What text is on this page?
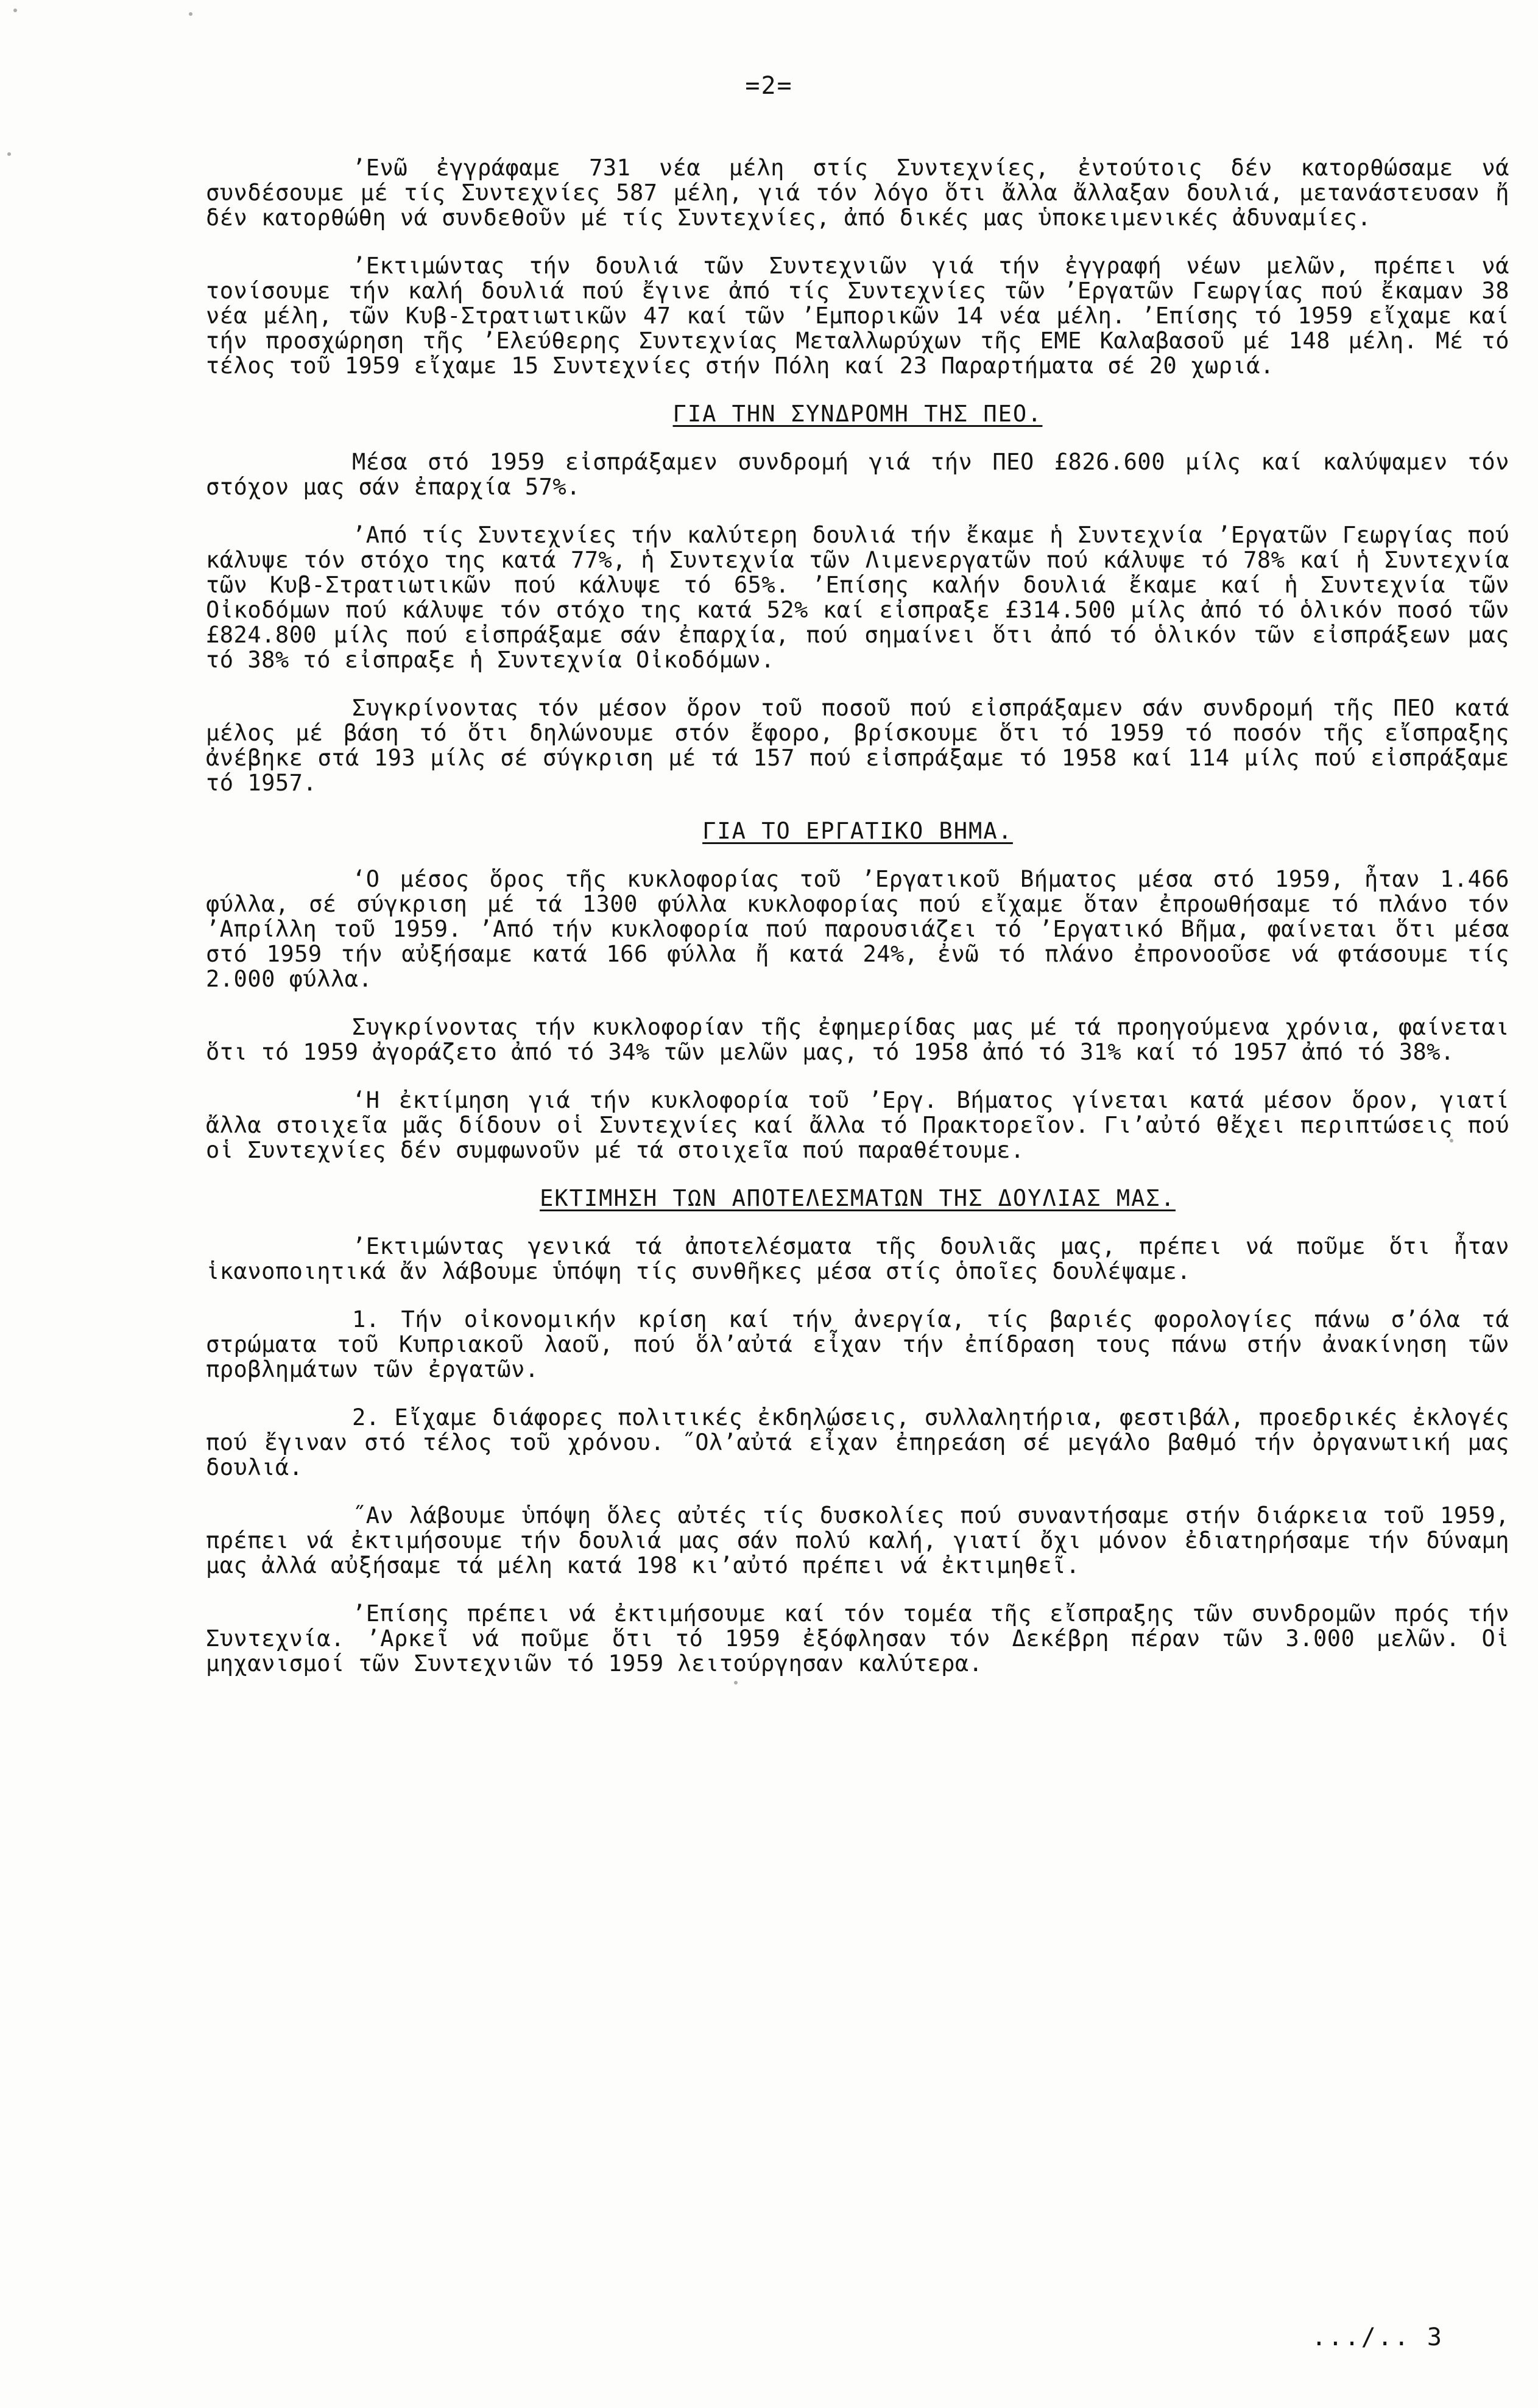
=2=

’Ενῶ ἐγγράφαμε 731 νέα μέλη στίς Συντεχνίες, ἐντούτοις δέν κατορθώσαμε νά συνδέσουμε μέ τίς Συντεχνίες 587 μέλη, γιά τόν λόγο ὅτι ἄλλα ἄλλαξαν δουλιά, μετανάστευσαν ἤ δέν κατορθώθη νά συνδεθοῦν μέ τίς Συντεχνίες, ἀπό δικές μας ὑποκειμενικές ἀδυναμίες.

’Εκτιμώντας τήν δουλιά τῶν Συντεχνιῶν γιά τήν ἐγγραφή νέων μελῶν, πρέπει νά τονίσουμε τήν καλή δουλιά πού ἔγινε ἀπό τίς Συντεχνίες τῶν ’Εργατῶν Γεωργίας πού ἔκαμαν 38 νέα μέλη, τῶν Κυβ-Στρατιωτικῶν 47 καί τῶν ’Εμπορικῶν 14 νέα μέλη. ’Επίσης τό 1959 εἴχαμε καί τήν προσχώρηση τῆς ’Ελεύθερης Συντεχνίας Μεταλλωρύχων τῆς ΕΜΕ Καλαβασοῦ μέ 148 μέλη. Μέ τό τέλος τοῦ 1959 εἴχαμε 15 Συντεχνίες στήν Πόλη καί 23 Παραρτήματα σέ 20 χωριά.

ΓΙΑ ΤΗΝ ΣΥΝΔΡΟΜΗ ΤΗΣ ΠΕΟ.

Μέσα στό 1959 εἰσπράξαμεν συνδρομή γιά τήν ΠΕΟ £826.600 μίλς καί καλύψαμεν τόν στόχον μας σάν ἐπαρχία 57%.

’Από τίς Συντεχνίες τήν καλύτερη δουλιά τήν ἔκαμε ἡ Συντεχνία ’Εργατῶν Γεωργίας πού κάλυψε τόν στόχο της κατά 77%, ἡ Συντεχνία τῶν Λιμενεργατῶν πού κάλυψε τό 78% καί ἡ Συντεχνία τῶν Κυβ-Στρατιωτικῶν πού κάλυψε τό 65%. ’Επίσης καλήν δουλιά ἔκαμε καί ἡ Συντεχνία τῶν Οἰκοδόμων πού κάλυψε τόν στόχο της κατά 52% καί εἰσπραξε £314.500 μίλς ἀπό τό ὁλικόν ποσό τῶν £824.800 μίλς πού εἰσπράξαμε σάν ἐπαρχία, πού σημαίνει ὅτι ἀπό τό ὁλικόν τῶν εἰσπράξεων μας τό 38% τό εἰσπραξε ἡ Συντεχνία Οἰκοδόμων.

Συγκρίνοντας τόν μέσον ὅρον τοῦ ποσοῦ πού εἰσπράξαμεν σάν συνδρομή τῆς ΠΕΟ κατά μέλος μέ βάση τό ὅτι δηλώνουμε στόν ἔφορο, βρίσκουμε ὅτι τό 1959 τό ποσόν τῆς εἴσπραξης ἀνέβηκε στά 193 μίλς σέ σύγκριση μέ τά 157 πού εἰσπράξαμε τό 1958 καί 114 μίλς πού εἰσπράξαμε τό 1957.

ΓΙΑ ΤΟ ΕΡΓΑΤΙΚΟ ΒΗΜΑ.

‘Ο μέσος ὅρος τῆς κυκλοφορίας τοῦ ’Εργατικοῦ Βήματος μέσα στό 1959, ἦταν 1.466 φύλλα, σέ σύγκριση μέ τά 1300 φύλλα κυκλοφορίας πού εἴχαμε ὅταν ἐπροωθήσαμε τό πλάνο τόν ’Απρίλλη τοῦ 1959. ’Από τήν κυκλοφορία πού παρουσιάζει τό ’Εργατικό Βῆμα, φαίνεται ὅτι μέσα στό 1959 τήν αὐξήσαμε κατά 166 φύλλα ἤ κατά 24%, ἐνῶ τό πλάνο ἐπρονοοῦσε νά φτάσουμε τίς 2.000 φύλλα.

Συγκρίνοντας τήν κυκλοφορίαν τῆς ἐφημερίδας μας μέ τά προηγούμενα χρόνια, φαίνεται ὅτι τό 1959 ἀγοράζετο ἀπό τό 34% τῶν μελῶν μας, τό 1958 ἀπό τό 31% καί τό 1957 ἀπό τό 38%.

‘Η ἐκτίμηση γιά τήν κυκλοφορία τοῦ ’Εργ. Βήματος γίνεται κατά μέσον ὅρον, γιατί ἄλλα στοιχεῖα μᾶς δίδουν οἱ Συντεχνίες καί ἄλλα τό Πρακτορεῖον. Γι’αὐτό θἔχει περιπτώσεις πού οἱ Συντεχνίες δέν συμφωνοῦν μέ τά στοιχεῖα πού παραθέτουμε.

ΕΚΤΙΜΗΣΗ ΤΩΝ ΑΠΟΤΕΛΕΣΜΑΤΩΝ ΤΗΣ ΔΟΥΛΙΑΣ ΜΑΣ.

’Εκτιμώντας γενικά τά ἀποτελέσματα τῆς δουλιᾶς μας, πρέπει νά ποῦμε ὅτι ἦταν ἱκανοποιητικά ἄν λάβουμε ὑπόψη τίς συνθῆκες μέσα στίς ὁποῖες δουλέψαμε.

1. Τήν οἰκονομικήν κρίση καί τήν ἀνεργία, τίς βαριές φορολογίες πάνω σ’όλα τά στρώματα τοῦ Κυπριακοῦ λαοῦ, πού ὅλ’αὐτά εἶχαν τήν ἐπίδραση τους πάνω στήν ἀνακίνηση τῶν προβλημάτων τῶν ἐργατῶν.

2. Εἴχαμε διάφορες πολιτικές ἐκδηλώσεις, συλλαλητήρια, φεστιβάλ, προεδρικές ἐκλογές πού ἔγιναν στό τέλος τοῦ χρόνου. ˝Ολ’αὐτά εἶχαν ἐπηρεάση σέ μεγάλο βαθμό τήν ὀργανωτική μας δουλιά.

˝Αν λάβουμε ὑπόψη ὅλες αὐτές τίς δυσκολίες πού συναντήσαμε στήν διάρκεια τοῦ 1959, πρέπει νά ἐκτιμήσουμε τήν δουλιά μας σάν πολύ καλή, γιατί ὄχι μόνον ἐδιατηρήσαμε τήν δύναμη μας ἀλλά αὐξήσαμε τά μέλη κατά 198 κι’αὐτό πρέπει νά ἐκτιμηθεῖ.

’Επίσης πρέπει νά ἐκτιμήσουμε καί τόν τομέα τῆς εἴσπραξης τῶν συνδρομῶν πρός τήν Συντεχνία. ’Αρκεῖ νά ποῦμε ὅτι τό 1959 ἐξόφλησαν τόν Δεκέβρη πέραν τῶν 3.000 μελῶν. Οἱ μηχανισμοί τῶν Συντεχνιῶν τό 1959 λειτούργησαν καλύτερα.

.../.. 3
